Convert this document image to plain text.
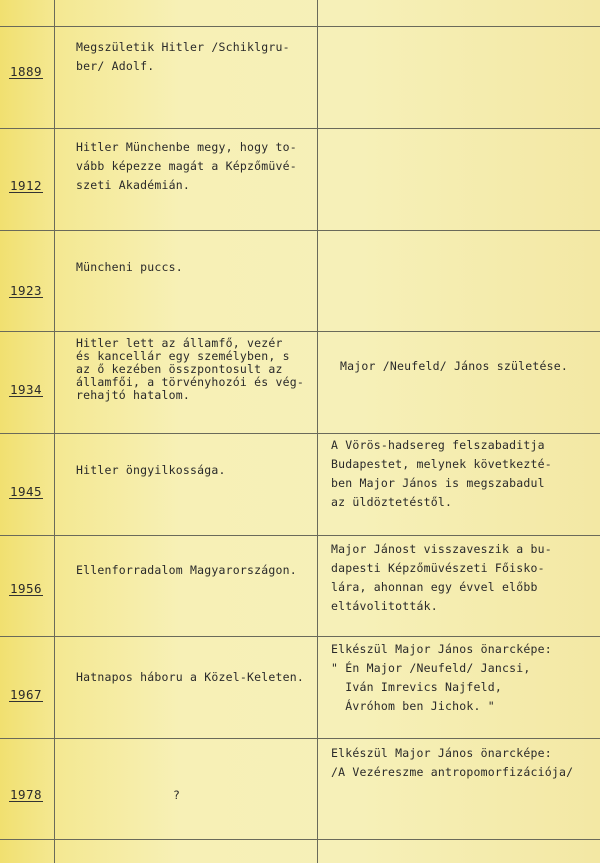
1889
Megszületik Hitler /Schiklgru-
ber/ Adolf.
1912
Hitler Münchenbe megy, hogy to-
vább képezze magát a Képzőmüvé-
szeti Akadémián.
1923
Müncheni puccs.
1934
Hitler lett az államfő, vezér
és kancellár egy személyben, s
az ő kezében összpontosult az
államfői, a törvényhozói és vég-
rehajtó hatalom.
Major /Neufeld/ János születése.
1945
Hitler öngyilkossága.
A Vörös-hadsereg felszabaditja
Budapestet, melynek következté-
ben Major János is megszabadul
az üldöztetéstől.
1956
Ellenforradalom Magyarországon.
Major Jánost visszaveszik a bu-
dapesti Képzőmüvészeti Főisko-
lára, ahonnan egy évvel előbb
eltávolitották.
1967
Hatnapos háboru a Közel-Keleten.
Elkészül Major János önarcképe:
" Én Major /Neufeld/ Jancsi,
Iván Imrevics Najfeld,
Ávróhom ben Jichok. "
1978	?
Elkészül Major János önarcképe:
/A Vezéreszme antropomorfizációja/
